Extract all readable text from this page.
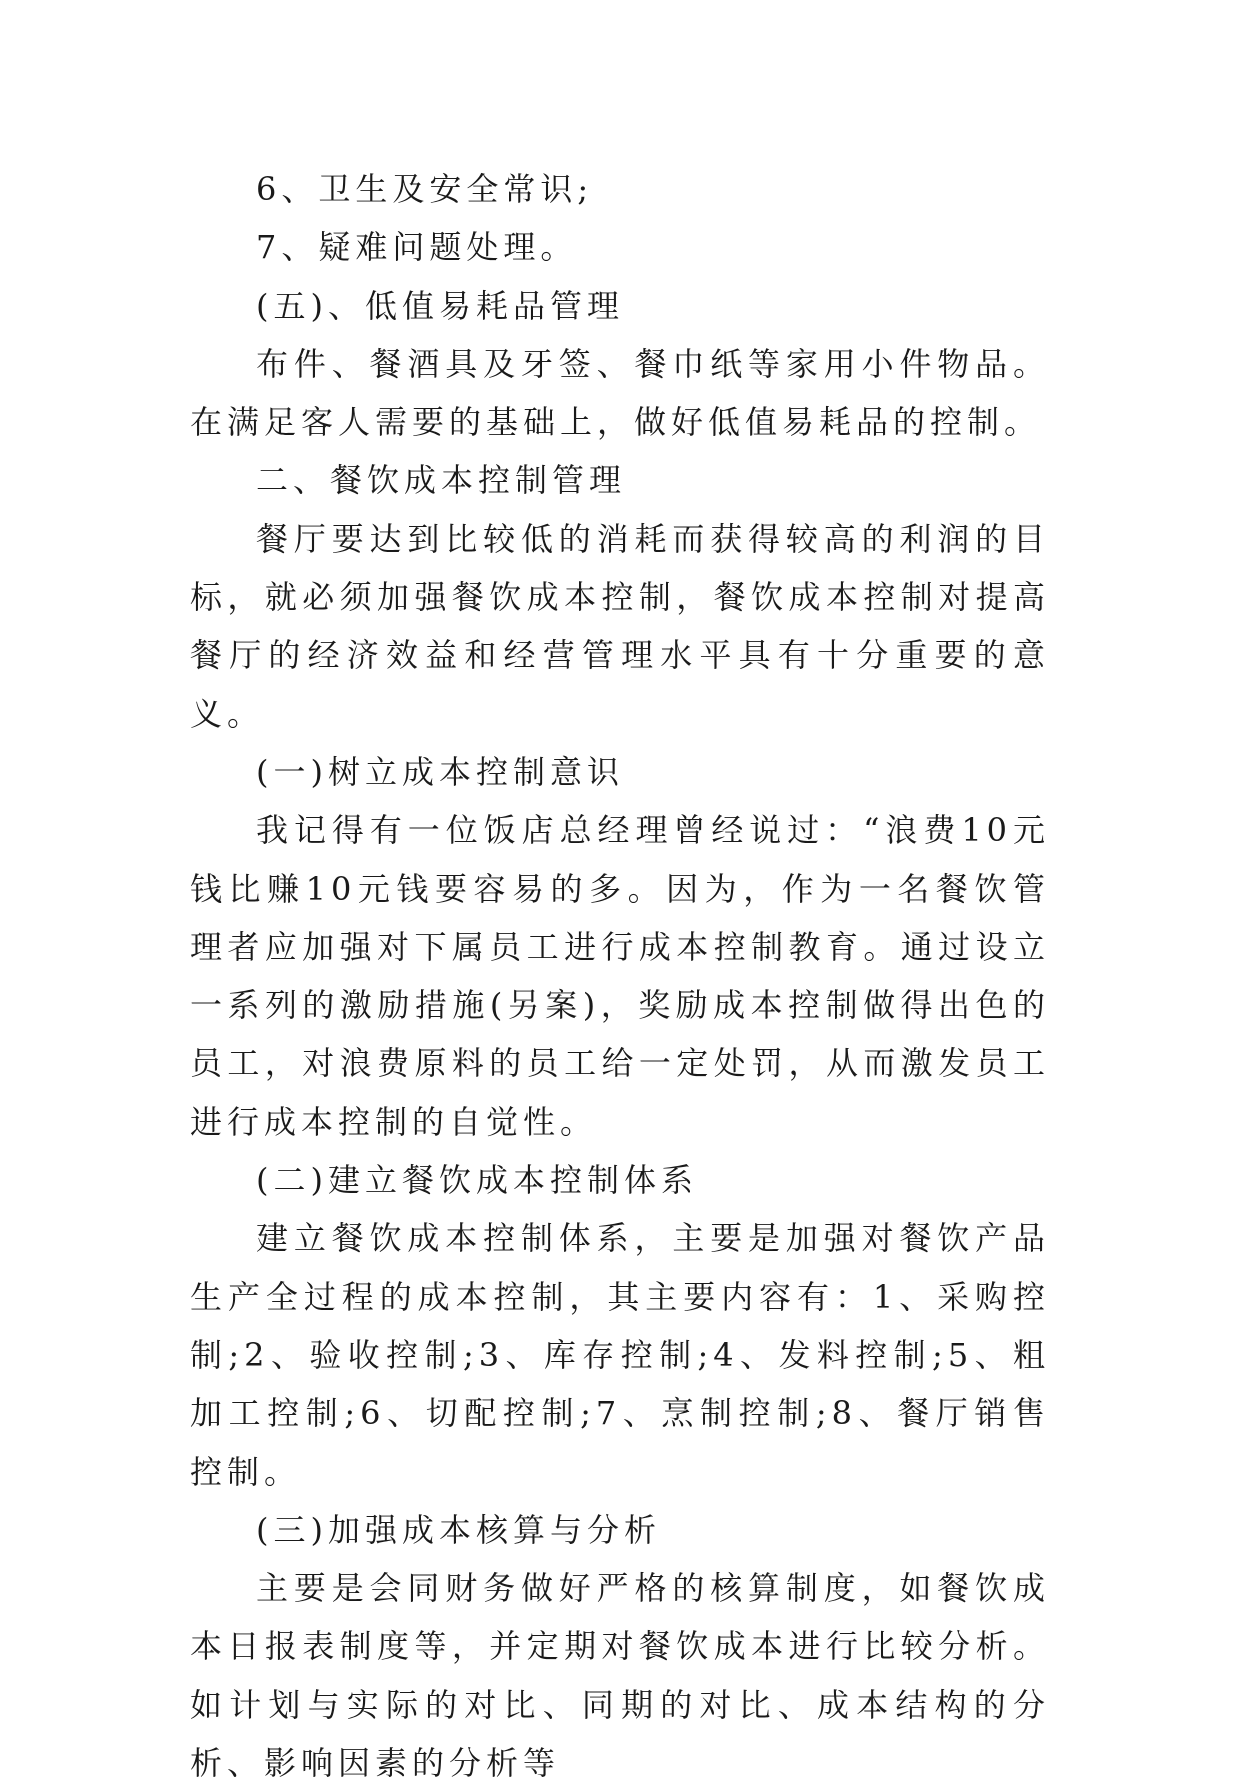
6、卫生及安全常识;

7、疑难问题处理。

(五)、低值易耗品管理

布件、餐酒具及牙签、餐巾纸等家用小件物品。在满足客人需要的基础上，做好低值易耗品的控制。

二、餐饮成本控制管理

餐厅要达到比较低的消耗而获得较高的利润的目标，就必须加强餐饮成本控制，餐饮成本控制对提高餐厅的经济效益和经营管理水平具有十分重要的意义。

(一)树立成本控制意识

我记得有一位饭店总经理曾经说过：“浪费10元钱比赚10元钱要容易的多。因为，作为一名餐饮管理者应加强对下属员工进行成本控制教育。通过设立一系列的激励措施(另案)，奖励成本控制做得出色的员工，对浪费原料的员工给一定处罚，从而激发员工进行成本控制的自觉性。

(二)建立餐饮成本控制体系

建立餐饮成本控制体系，主要是加强对餐饮产品生产全过程的成本控制，其主要内容有：1、采购控制;2、验收控制;3、库存控制;4、发料控制;5、粗加工控制;6、切配控制;7、烹制控制;8、餐厅销售控制。

(三)加强成本核算与分析

主要是会同财务做好严格的核算制度，如餐饮成本日报表制度等，并定期对餐饮成本进行比较分析。如计划与实际的对比、同期的对比、成本结构的分析、影响因素的分析等
